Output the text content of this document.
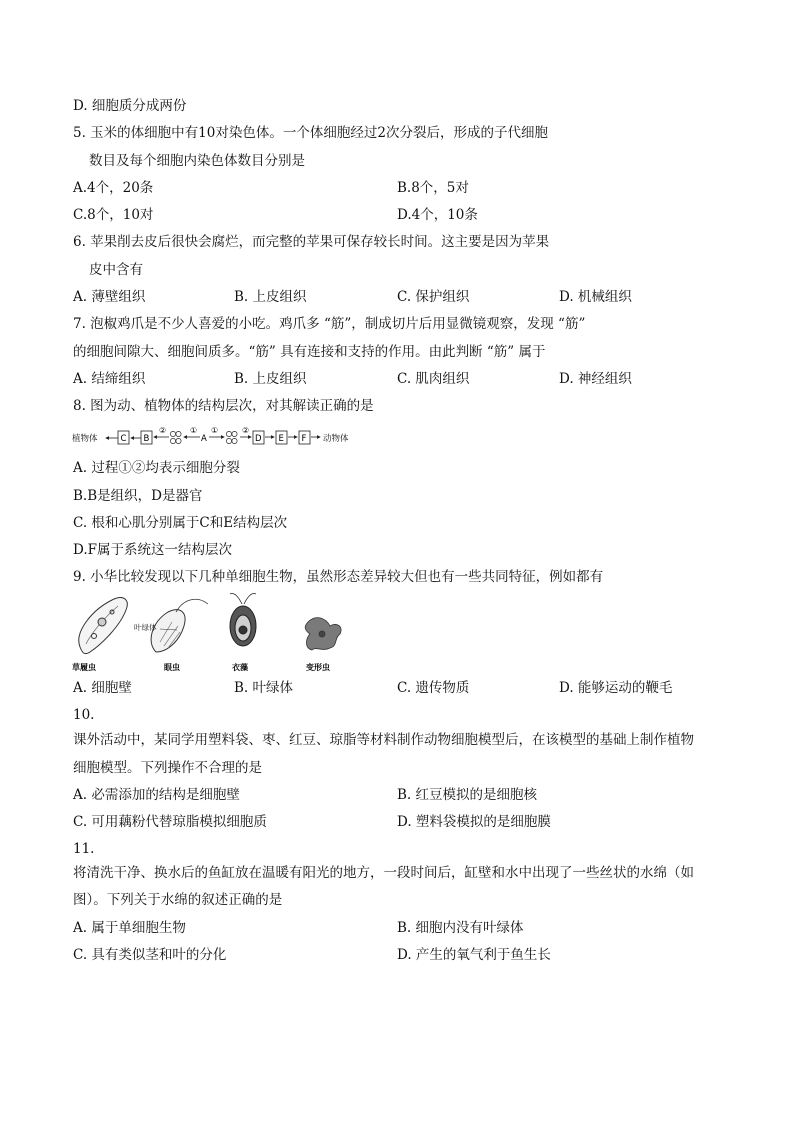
D. 细胞质分成两份
5. 玉米的体细胞中有10对染色体。一个体细胞经过2次分裂后，形成的子代细胞
数目及每个细胞内染色体数目分别是
A.4个，20条	B.8个，5对
C.8个，10对	D.4个，10条
6. 苹果削去皮后很快会腐烂，而完整的苹果可保存较长时间。这主要是因为苹果
皮中含有
A. 薄壁组织	B. 上皮组织	C. 保护组织	D. 机械组织
7. 泡椒鸡爪是不少人喜爱的小吃。鸡爪多 “筋”，制成切片后用显微镜观察，发现 “筋”
的细胞间隙大、细胞间质多。“筋” 具有连接和支持的作用。由此判断 “筋” 属于
A. 结缔组织	B. 上皮组织	C. 肌肉组织	D. 神经组织
8. 图为动、植物体的结构层次，对其解读正确的是
植物体	C B
②	①
A
①	②
D E F 动物体
A. 过程①②均表示细胞分裂
B.B是组织，D是器官
C. 根和心肌分别属于C和E结构层次
D.F属于系统这一结构层次
9. 小华比较发现以下几种单细胞生物，虽然形态差异较大但也有一些共同特征，例如都有
叶绿体
草履虫	眼虫	衣藻	变形虫
A. 细胞壁	B. 叶绿体	C. 遗传物质	D. 能够运动的鞭毛
10.
课外活动中，某同学用塑料袋、枣、红豆、琼脂等材料制作动物细胞模型后，在该模型的基础上制作植物
细胞模型。下列操作不合理的是
A. 必需添加的结构是细胞壁	B. 红豆模拟的是细胞核
C. 可用藕粉代替琼脂模拟细胞质	D. 塑料袋模拟的是细胞膜
11.
将清洗干净、换水后的鱼缸放在温暖有阳光的地方，一段时间后，缸壁和水中出现了一些丝状的水绵（如
图）。下列关于水绵的叙述正确的是
A. 属于单细胞生物	B. 细胞内没有叶绿体
C. 具有类似茎和叶的分化	D. 产生的氧气利于鱼生长
